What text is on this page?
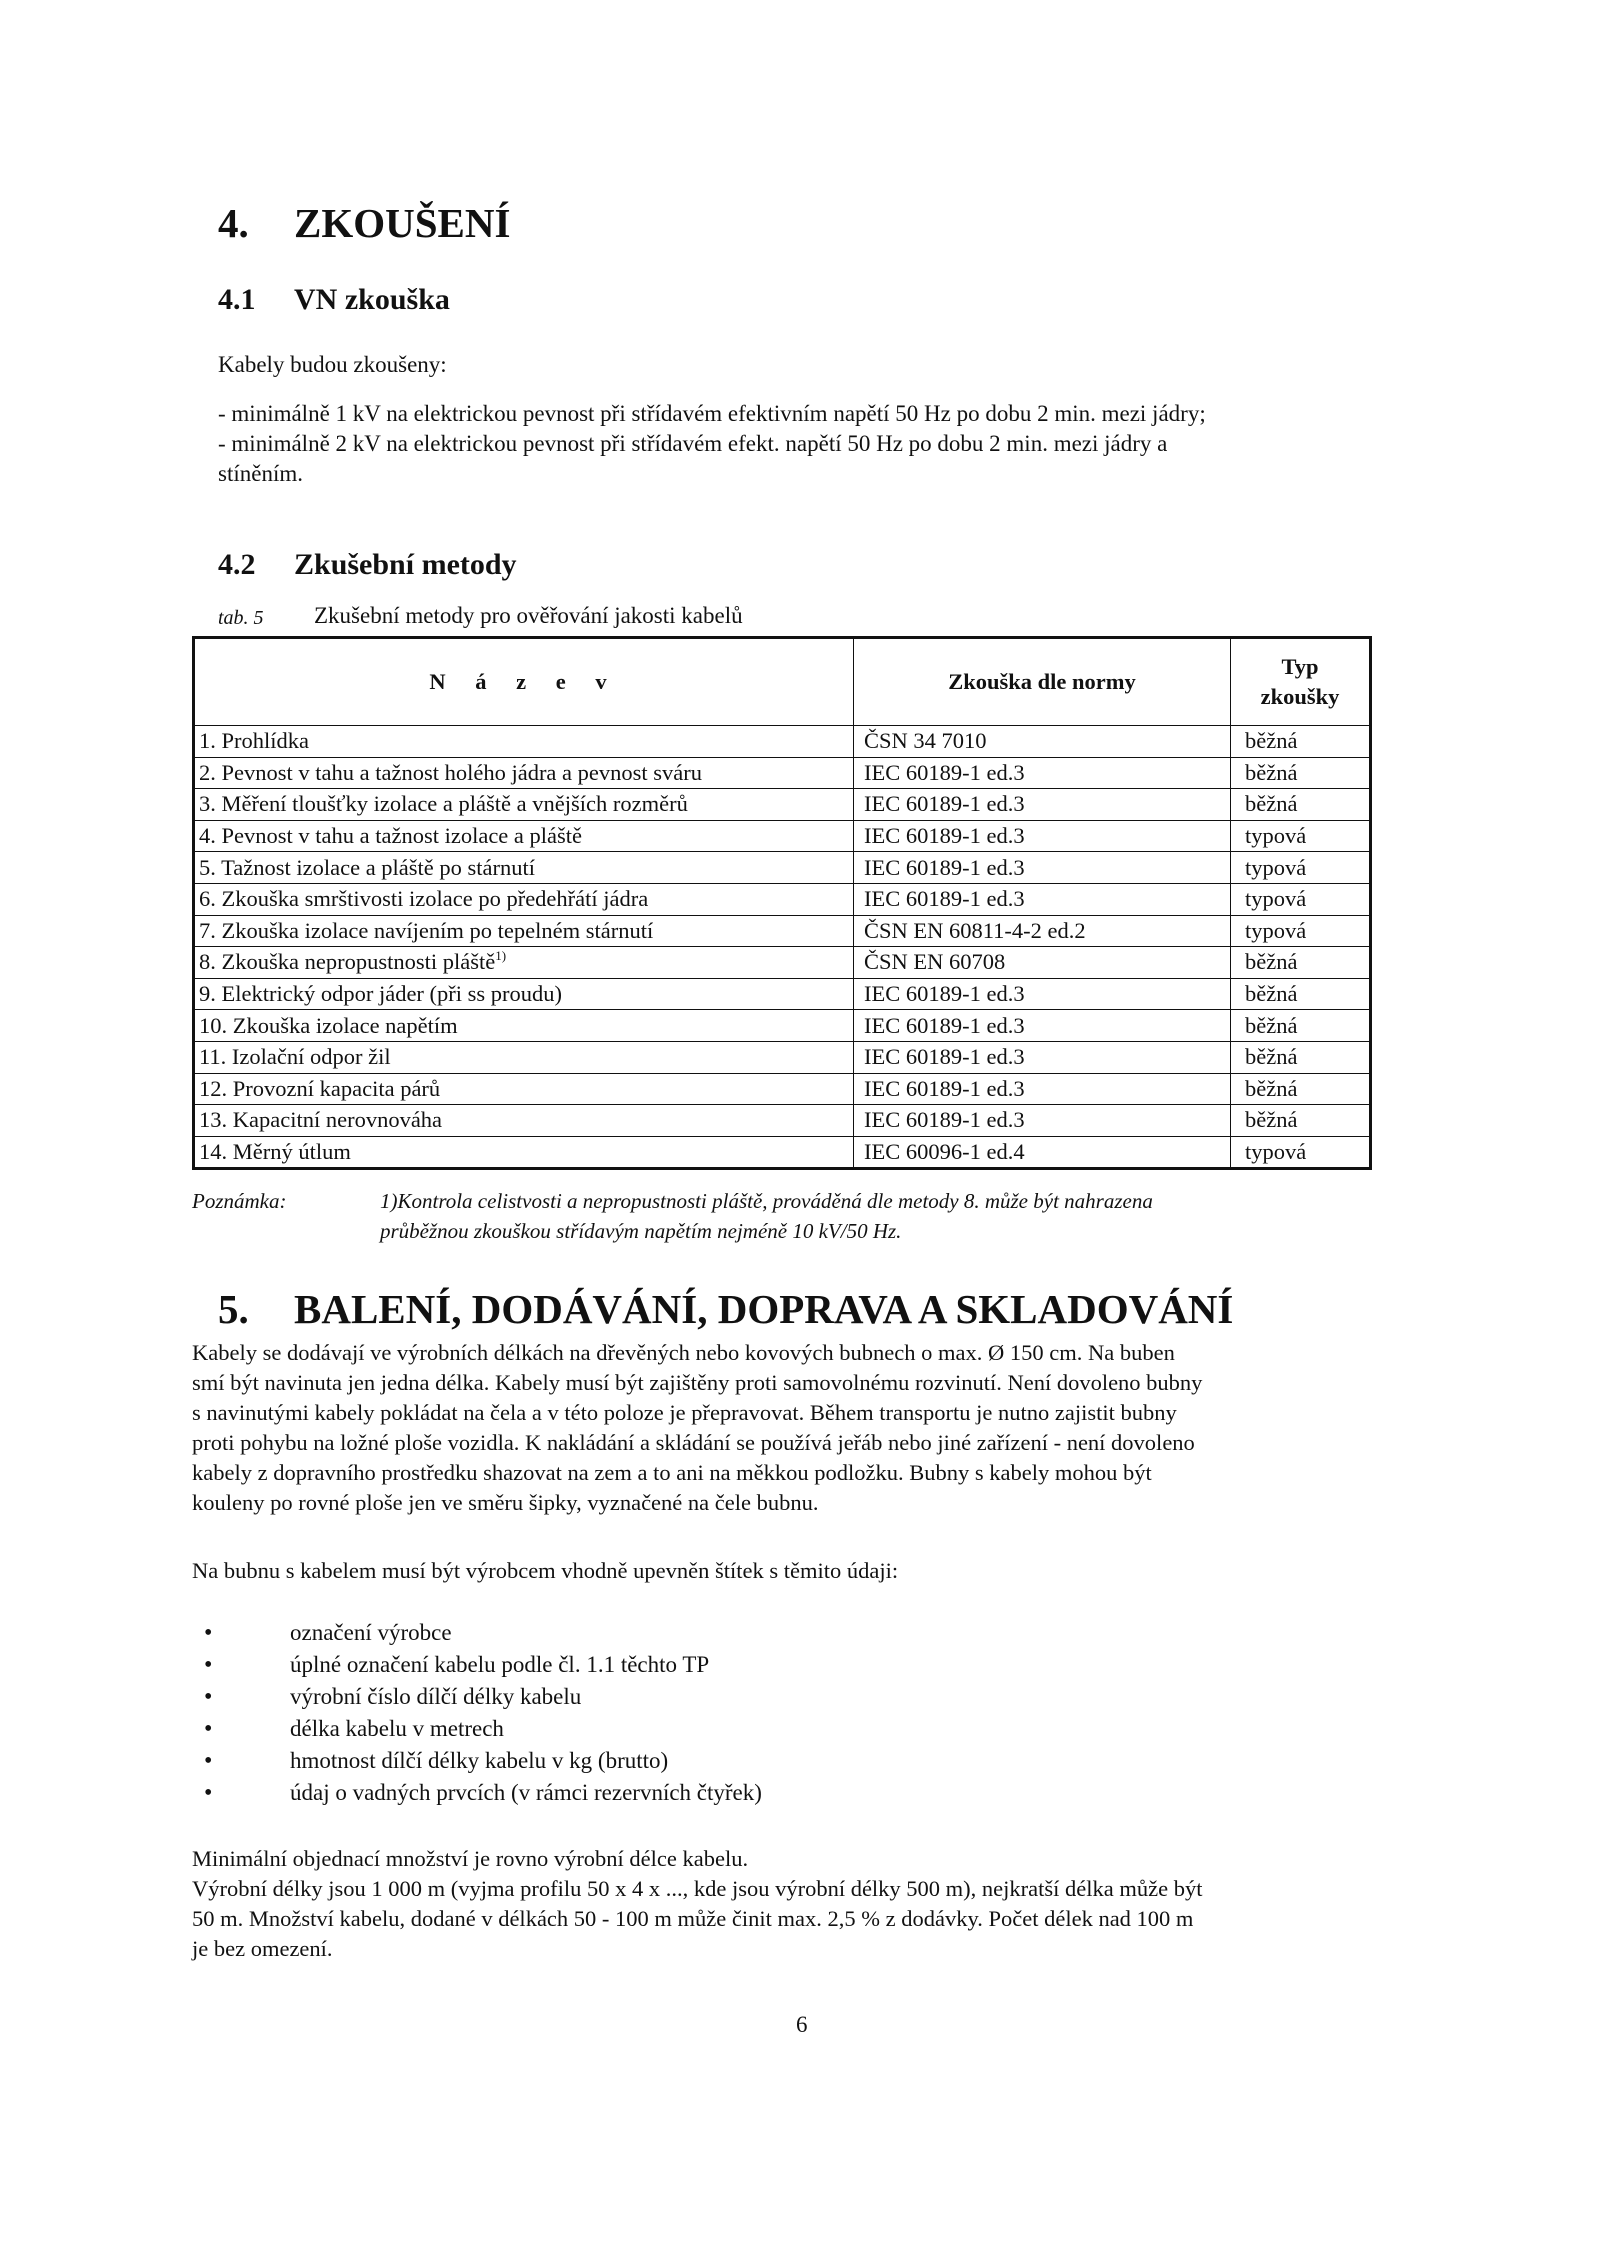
4. ZKOUŠENÍ
4.1 VN zkouška
Kabely budou zkoušeny:
- minimálně 1 kV na elektrickou pevnost při střídavém efektivním napětí 50 Hz po dobu 2 min. mezi jádry;
- minimálně 2 kV na elektrickou pevnost při střídavém efekt. napětí 50 Hz po dobu 2 min. mezi jádry a
stíněním.
4.2 Zkušební metody
tab. 5 Zkušební metody pro ověřování jakosti kabelů
N á z e v	Zkouška dle normy	Typ
zkoušky

1. Prohlídka	ČSN 34 7010	běžná
2. Pevnost v tahu a tažnost holého jádra a pevnost sváru	IEC 60189-1 ed.3	běžná
3. Měření tloušťky izolace a pláště a vnějších rozměrů	IEC 60189-1 ed.3	běžná
4. Pevnost v tahu a tažnost izolace a pláště	IEC 60189-1 ed.3	typová
5. Tažnost izolace a pláště po stárnutí	IEC 60189-1 ed.3	typová
6. Zkouška smrštivosti izolace po předehřátí jádra	IEC 60189-1 ed.3	typová
7. Zkouška izolace navíjením po tepelném stárnutí	ČSN EN 60811-4-2 ed.2	typová
8. Zkouška nepropustnosti pláště$^{1)}$	ČSN EN 60708	běžná
9. Elektrický odpor jáder (při ss proudu)	IEC 60189-1 ed.3	běžná
10. Zkouška izolace napětím	IEC 60189-1 ed.3	běžná
11. Izolační odpor žil	IEC 60189-1 ed.3	běžná
12. Provozní kapacita párů	IEC 60189-1 ed.3	běžná
13. Kapacitní nerovnováha	IEC 60189-1 ed.3	běžná
14. Měrný útlum	IEC 60096-1 ed.4	typová
Poznámka:	1)Kontrola celistvosti a nepropustnosti pláště, prováděná dle metody 8. může být nahrazena
průběžnou zkouškou střídavým napětím nejméně 10 kV/50 Hz.
5. BALENÍ, DODÁVÁNÍ, DOPRAVA A SKLADOVÁNÍ
Kabely se dodávají ve výrobních délkách na dřevěných nebo kovových bubnech o max. Ø 150 cm. Na buben
smí být navinuta jen jedna délka. Kabely musí být zajištěny proti samovolnému rozvinutí. Není dovoleno bubny
s navinutými kabely pokládat na čela a v této poloze je přepravovat. Během transportu je nutno zajistit bubny
proti pohybu na ložné ploše vozidla. K nakládání a skládání se používá jeřáb nebo jiné zařízení - není dovoleno
kabely z dopravního prostředku shazovat na zem a to ani na měkkou podložku. Bubny s kabely mohou být
kouleny po rovné ploše jen ve směru šipky, vyznačené na čele bubnu.
Na bubnu s kabelem musí být výrobcem vhodně upevněn štítek s těmito údaji:
•	označení výrobce
•	úplné označení kabelu podle čl. 1.1 těchto TP
•	výrobní číslo dílčí délky kabelu
•	délka kabelu v metrech
•	hmotnost dílčí délky kabelu v kg (brutto)
•	údaj o vadných prvcích (v rámci rezervních čtyřek)
Minimální objednací množství je rovno výrobní délce kabelu.
Výrobní délky jsou 1 000 m (vyjma profilu 50 x 4 x ..., kde jsou výrobní délky 500 m), nejkratší délka může být
50 m. Množství kabelu, dodané v délkách 50 - 100 m může činit max. 2,5 % z dodávky. Počet délek nad 100 m
je bez omezení.
6
